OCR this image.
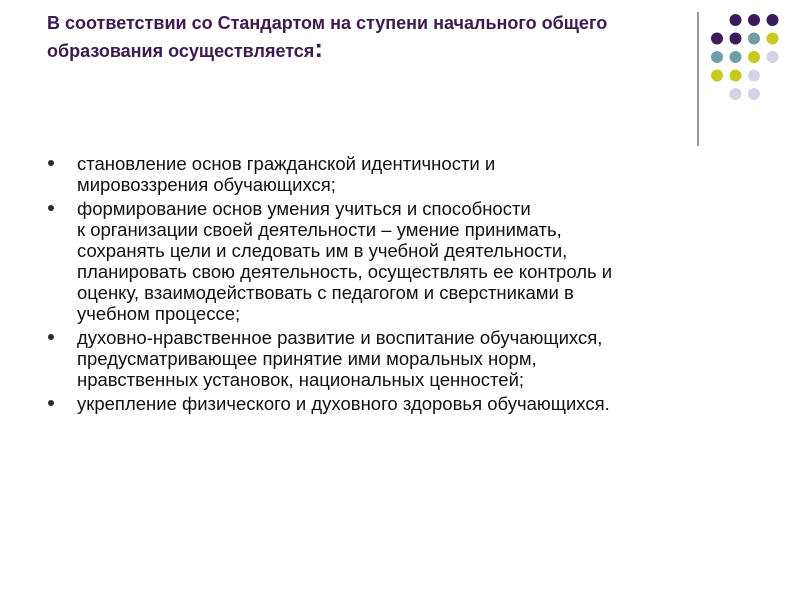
В соответствии со Стандартом на ступени начального общего образования осуществляется:
становление основ гражданской идентичности и
мировоззрения обучающихся;
формирование основ умения учиться и способности
к организации своей деятельности – умение принимать,
сохранять цели и следовать им в учебной деятельности,
планировать свою деятельность, осуществлять ее контроль и
оценку, взаимодействовать с педагогом и сверстниками в
учебном процессе;
духовно-нравственное развитие и воспитание обучающихся,
предусматривающее принятие ими моральных норм,
нравственных установок, национальных ценностей;
укрепление физического и духовного здоровья обучающихся.
